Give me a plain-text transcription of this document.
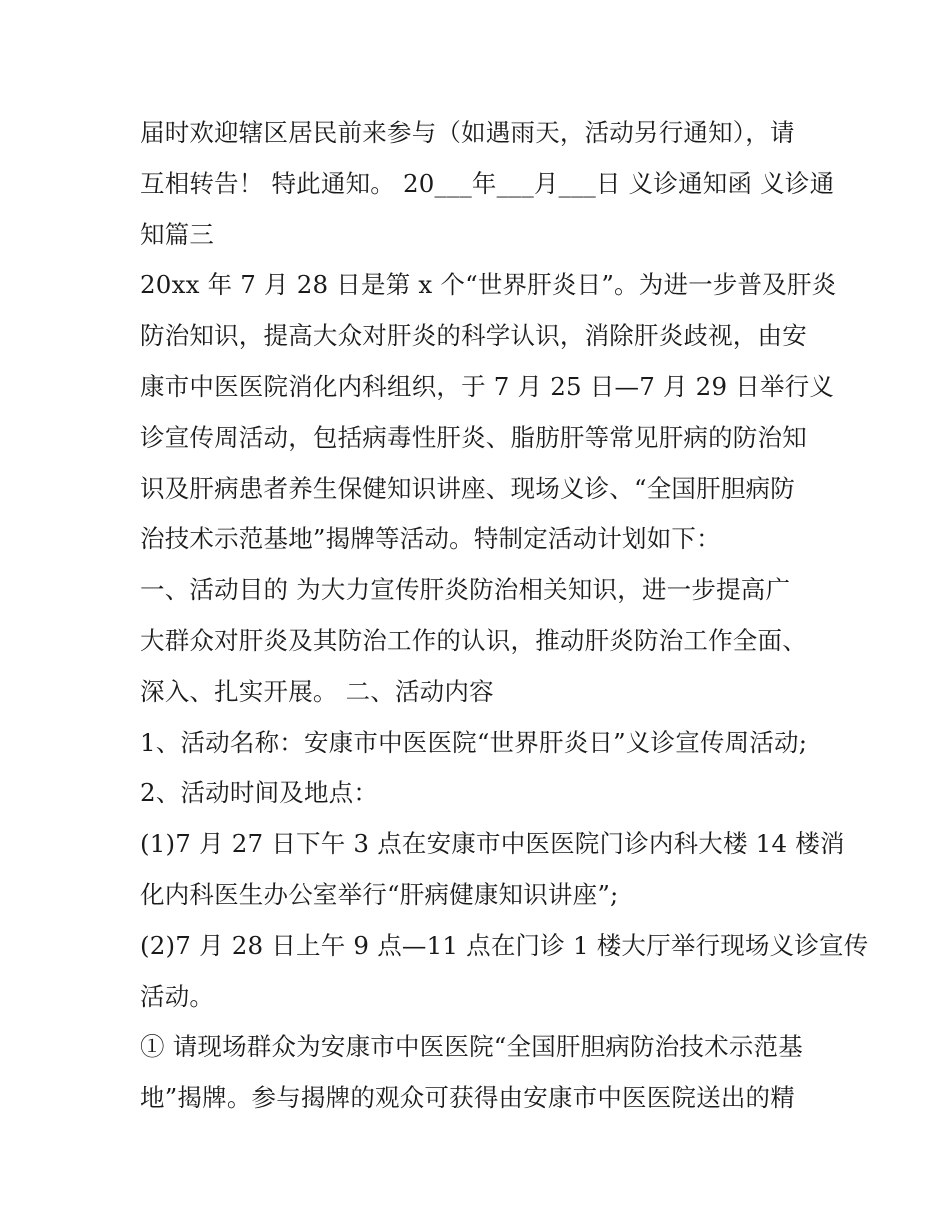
届时欢迎辖区居民前来参与（如遇雨天，活动另行通知），请
互相转告！ 特此通知。 20___年___月___日 义诊通知函 义诊通
知篇三
20xx 年 7 月 28 日是第 x 个“世界肝炎日”。为进一步普及肝炎
防治知识，提高大众对肝炎的科学认识，消除肝炎歧视，由安
康市中医医院消化内科组织，于 7 月 25 日—7 月 29 日举行义
诊宣传周活动，包括病毒性肝炎、脂肪肝等常见肝病的防治知
识及肝病患者养生保健知识讲座、现场义诊、“全国肝胆病防
治技术示范基地”揭牌等活动。特制定活动计划如下：
一、活动目的 为大力宣传肝炎防治相关知识，进一步提高广
大群众对肝炎及其防治工作的认识，推动肝炎防治工作全面、
深入、扎实开展。 二、活动内容
1、活动名称：安康市中医医院“世界肝炎日”义诊宣传周活动;
2、活动时间及地点：
(1)7 月 27 日下午 3 点在安康市中医医院门诊内科大楼 14 楼消
化内科医生办公室举行“肝病健康知识讲座”;
(2)7 月 28 日上午 9 点—11 点在门诊 1 楼大厅举行现场义诊宣传
活动。
① 请现场群众为安康市中医医院“全国肝胆病防治技术示范基
地”揭牌。参与揭牌的观众可获得由安康市中医医院送出的精
